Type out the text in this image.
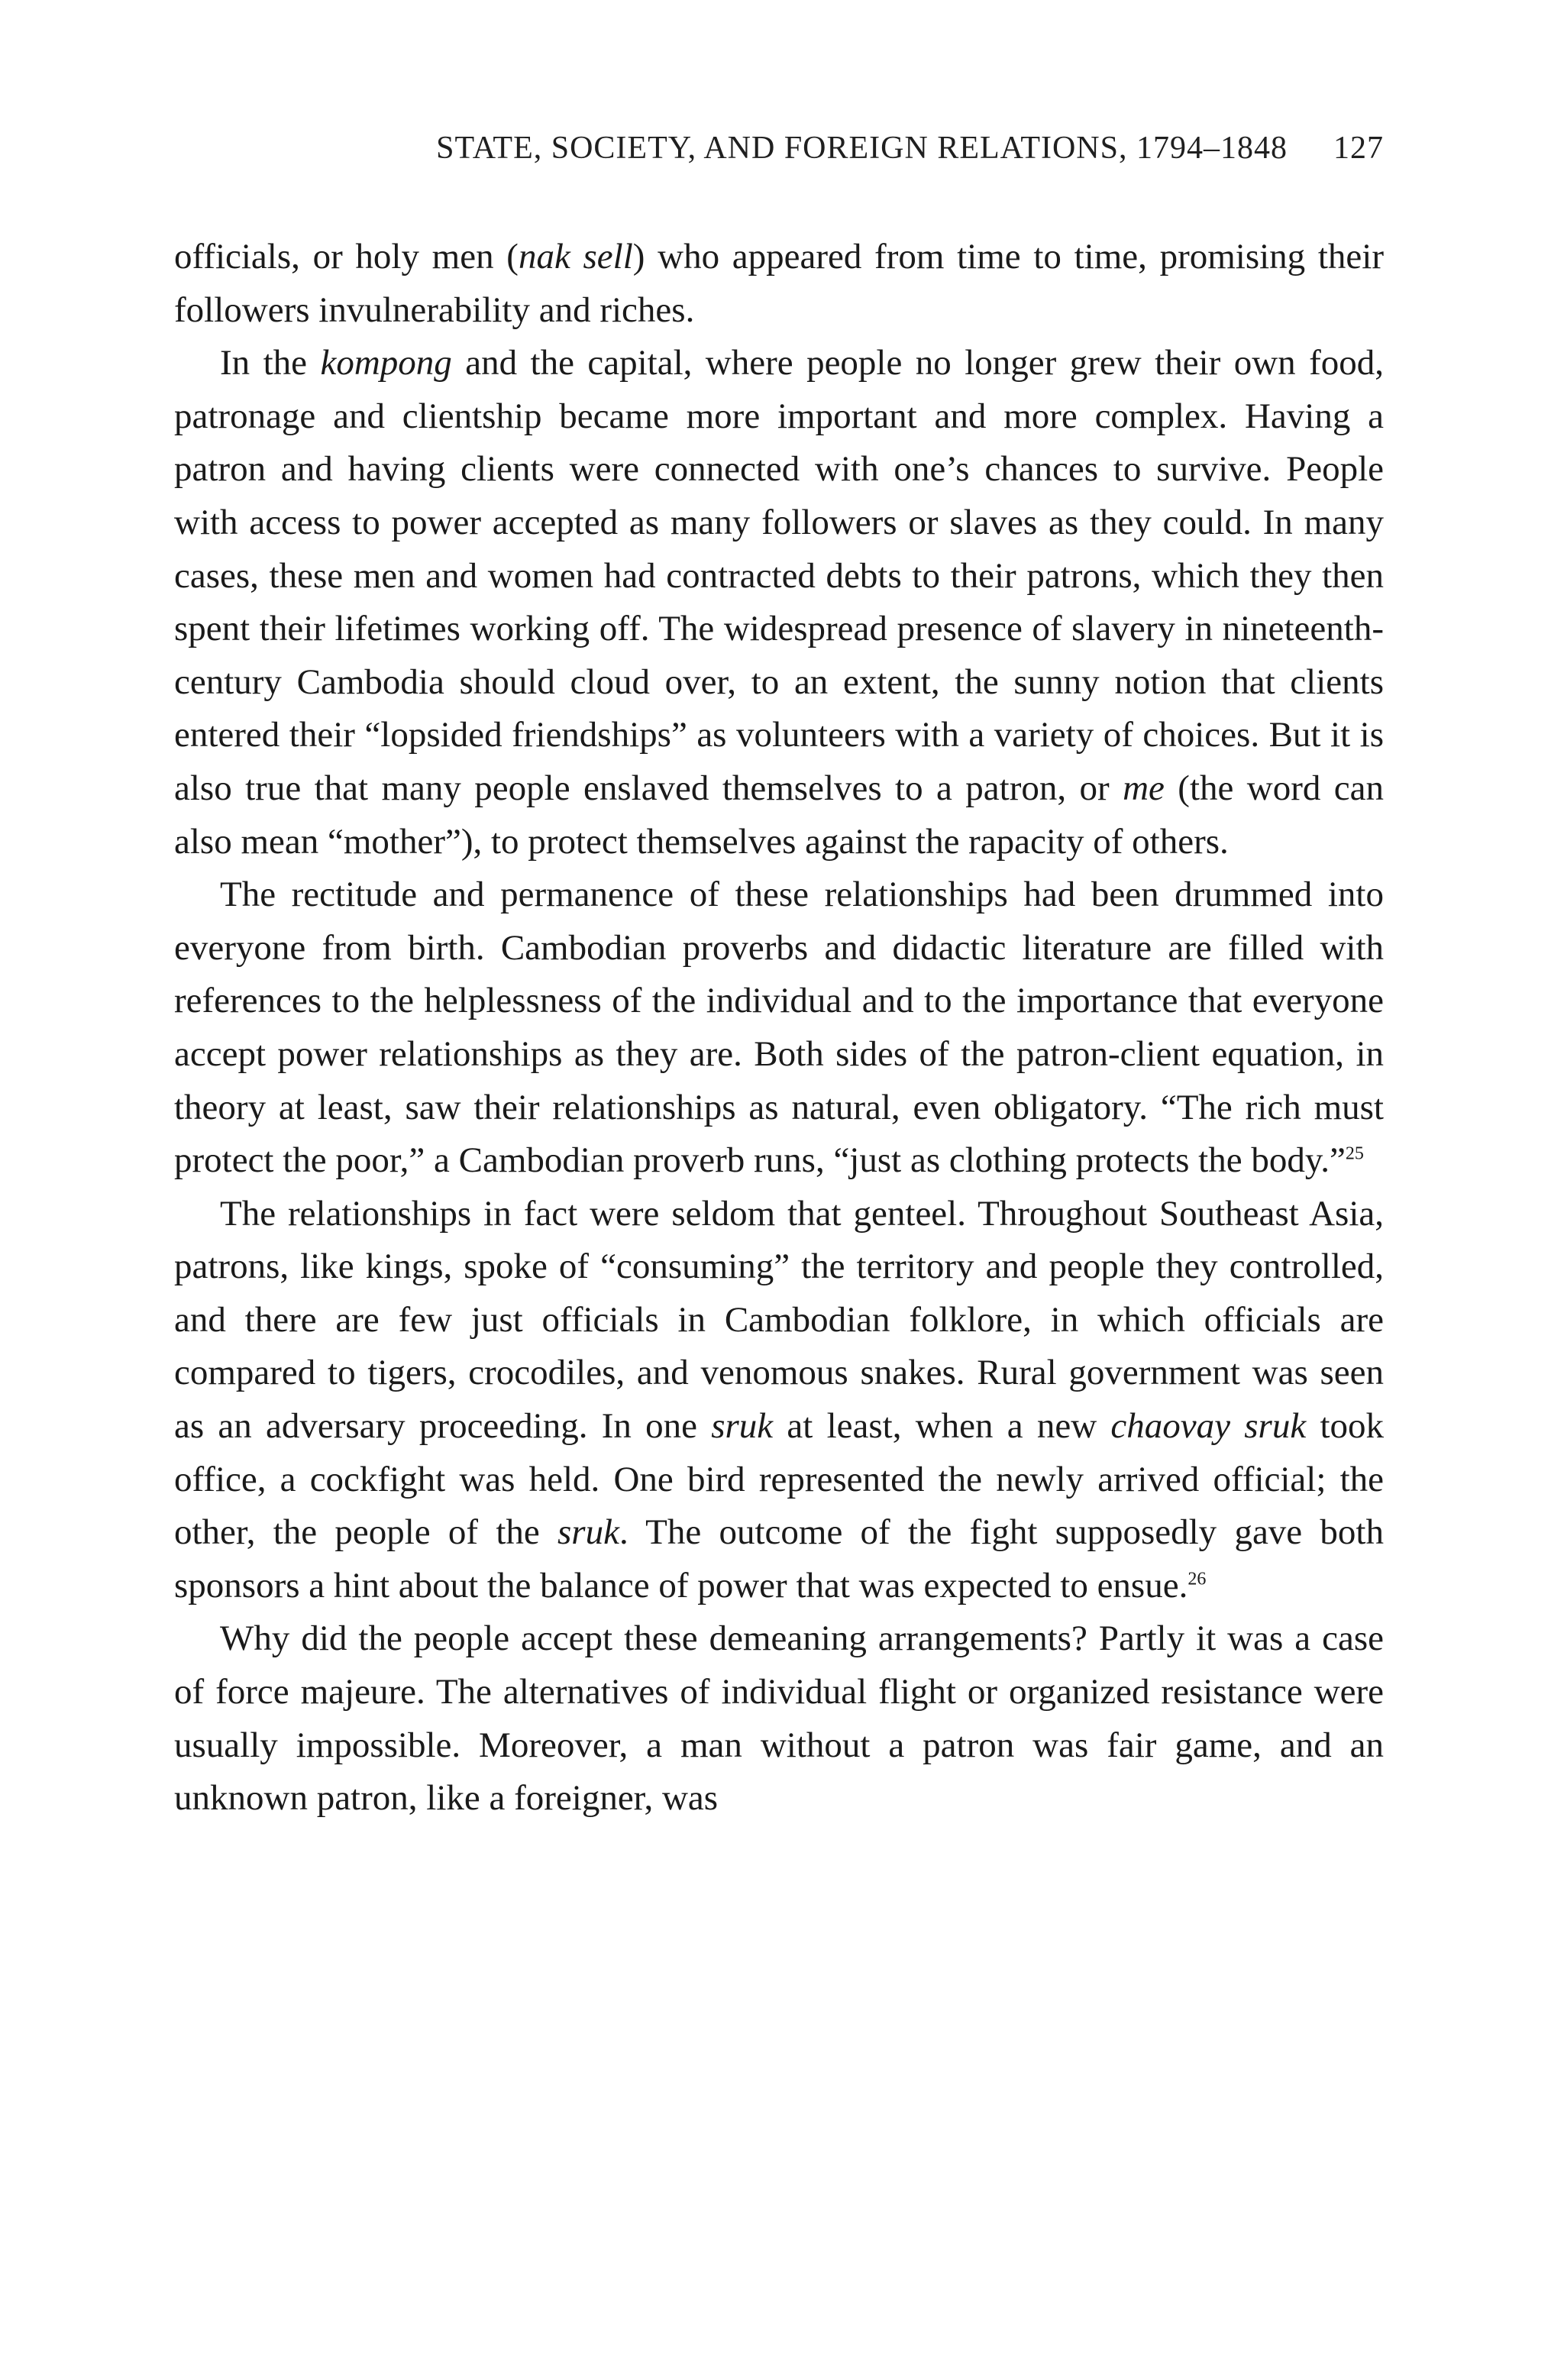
STATE, SOCIETY, AND FOREIGN RELATIONS, 1794–1848 127

officials, or holy men (nak sell) who appeared from time to time, promising their followers invulnerability and riches.

In the kompong and the capital, where people no longer grew their own food, patronage and clientship became more important and more complex. Having a patron and having clients were connected with one’s chances to survive. People with access to power accepted as many followers or slaves as they could. In many cases, these men and women had contracted debts to their patrons, which they then spent their lifetimes working off. The widespread presence of slavery in nineteenth-century Cambodia should cloud over, to an extent, the sunny notion that clients entered their “lopsided friendships” as volunteers with a variety of choices. But it is also true that many people enslaved themselves to a patron, or me (the word can also mean “mother”), to protect themselves against the rapacity of others.

The rectitude and permanence of these relationships had been drummed into everyone from birth. Cambodian proverbs and didactic literature are filled with references to the helplessness of the individual and to the importance that everyone accept power relationships as they are. Both sides of the patron-client equation, in theory at least, saw their relationships as natural, even obligatory. “The rich must protect the poor,” a Cambodian proverb runs, “just as clothing protects the body.”$^{25}$

The relationships in fact were seldom that genteel. Throughout Southeast Asia, patrons, like kings, spoke of “consuming” the territory and people they controlled, and there are few just officials in Cambodian folklore, in which officials are compared to tigers, crocodiles, and venomous snakes. Rural government was seen as an adversary proceeding. In one sruk at least, when a new chaovay sruk took office, a cockfight was held. One bird represented the newly arrived official; the other, the people of the sruk. The outcome of the fight supposedly gave both sponsors a hint about the balance of power that was expected to ensue.$^{26}$

Why did the people accept these demeaning arrangements? Partly it was a case of force majeure. The alternatives of individual flight or organized resistance were usually impossible. Moreover, a man without a patron was fair game, and an unknown patron, like a foreigner, was
